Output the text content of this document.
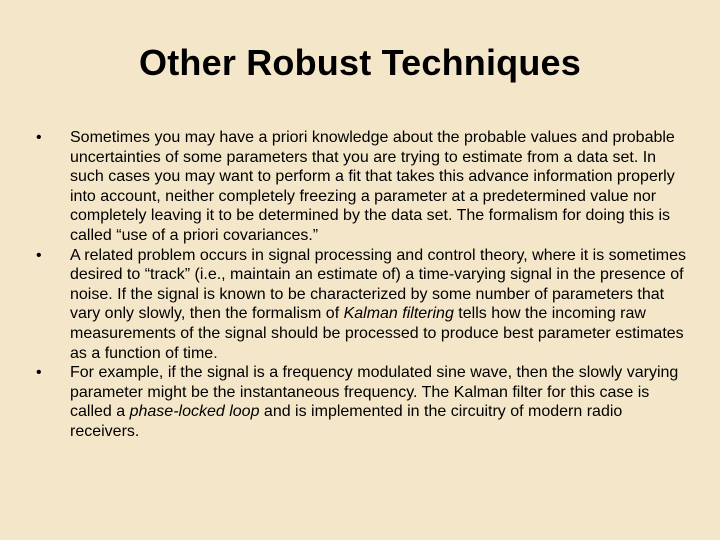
Other Robust Techniques
•
Sometimes you may have a priori knowledge about the probable values and probable uncertainties of some parameters that you are trying to estimate from a data set. In such cases you may want to perform a fit that takes this advance information properly into account, neither completely freezing a parameter at a predetermined value nor completely leaving it to be determined by the data set. The formalism for doing this is called “use of a priori covariances.”
•
A related problem occurs in signal processing and control theory, where it is sometimes desired to “track” (i.e., maintain an estimate of) a time-varying signal in the presence of noise. If the signal is known to be characterized by some number of parameters that vary only slowly, then the formalism of Kalman filtering tells how the incoming raw measurements of the signal should be processed to produce best parameter estimates as a function of time.
•
For example, if the signal is a frequency modulated sine wave, then the slowly varying parameter might be the instantaneous frequency. The Kalman filter for this case is called a phase-locked loop and is implemented in the circuitry of modern radio receivers.
